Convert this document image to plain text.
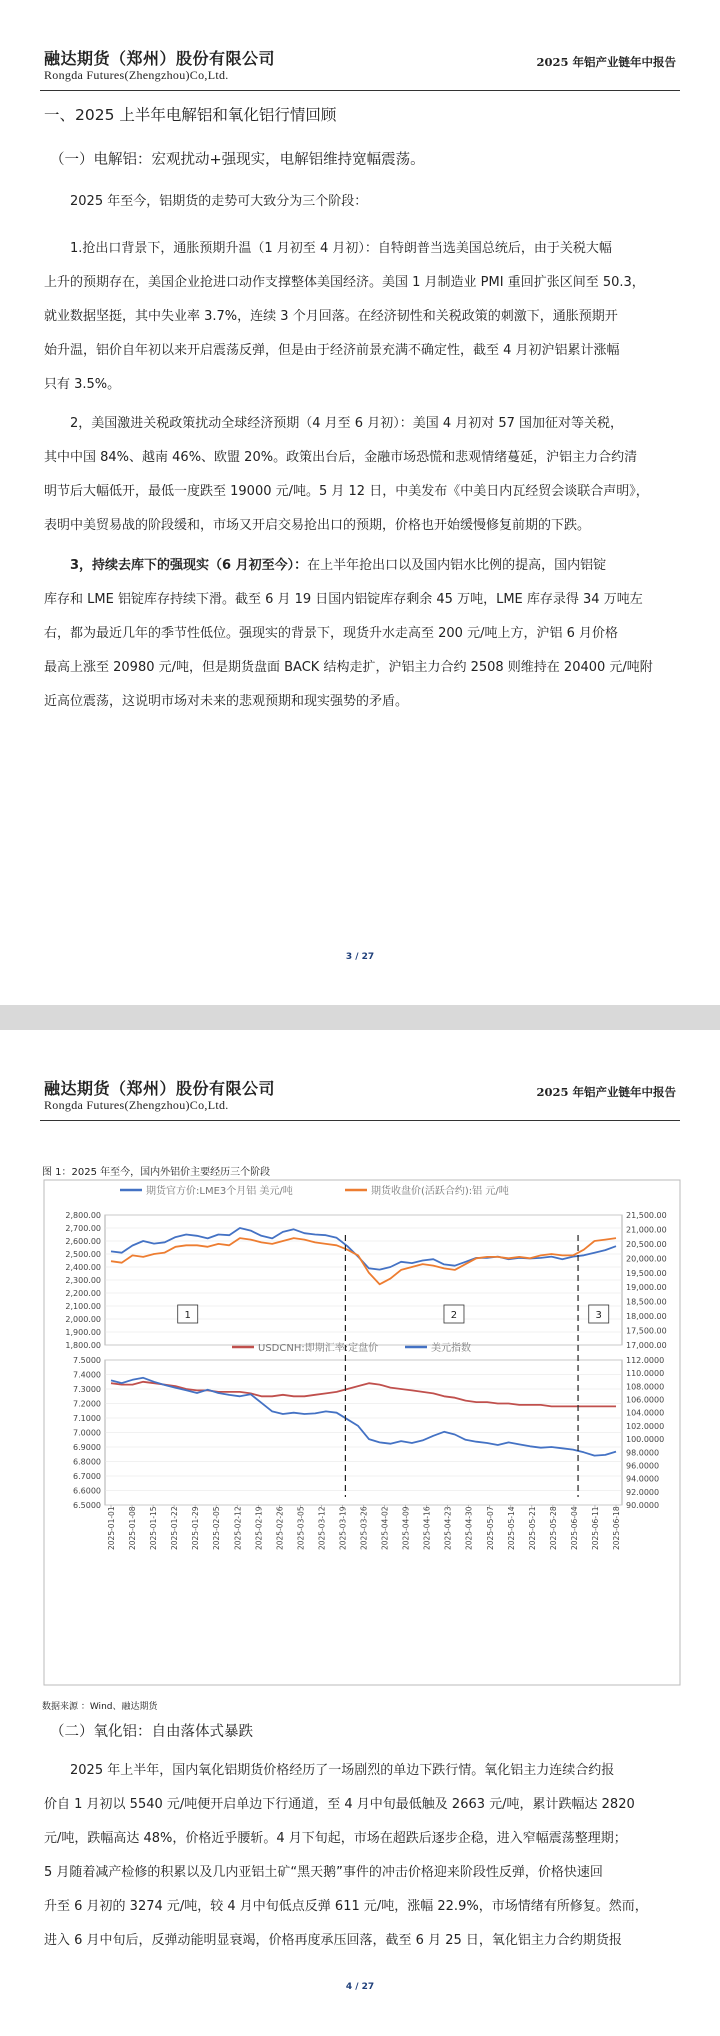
融达期货（郑州）股份有限公司
Rongda Futures(Zhengzhou)Co,Ltd.
2025 年铝产业链年中报告
一、2025 上半年电解铝和氧化铝行情回顾
（一）电解铝：宏观扰动+强现实，电解铝维持宽幅震荡。
2025 年至今，铝期货的走势可大致分为三个阶段：
1.抢出口背景下，通胀预期升温（1 月初至 4 月初）：自特朗普当选美国总统后，由于关税大幅
上升的预期存在，美国企业抢进口动作支撑整体美国经济。美国 1 月制造业 PMI 重回扩张区间至 50.3，
就业数据坚挺，其中失业率 3.7%，连续 3 个月回落。在经济韧性和关税政策的刺激下，通胀预期开
始升温，铝价自年初以来开启震荡反弹，但是由于经济前景充满不确定性，截至 4 月初沪铝累计涨幅
只有 3.5%。
2，美国激进关税政策扰动全球经济预期（4 月至 6 月初）：美国 4 月初对 57 国加征对等关税，
其中中国 84%、越南 46%、欧盟 20%。政策出台后，金融市场恐慌和悲观情绪蔓延，沪铝主力合约清
明节后大幅低开，最低一度跌至 19000 元/吨。5 月 12 日，中美发布《中美日内瓦经贸会谈联合声明》，
表明中美贸易战的阶段缓和，市场又开启交易抢出口的预期，价格也开始缓慢修复前期的下跌。
3，持续去库下的强现实（6 月初至今）：在上半年抢出口以及国内铝水比例的提高，国内铝锭
库存和 LME 铝锭库存持续下滑。截至 6 月 19 日国内铝锭库存剩余 45 万吨，LME 库存录得 34 万吨左
右，都为最近几年的季节性低位。强现实的背景下，现货升水走高至 200 元/吨上方，沪铝 6 月价格
最高上涨至 20980 元/吨，但是期货盘面 BACK 结构走扩，沪铝主力合约 2508 则维持在 20400 元/吨附
近高位震荡，这说明市场对未来的悲观预期和现实强势的矛盾。
3 / 27
融达期货（郑州）股份有限公司
Rongda Futures(Zhengzhou)Co,Ltd.
2025 年铝产业链年中报告
4 / 27
图 1：2025 年至今，国内外铝价主要经历三个阶段
2,800.00
2,700.00
2,600.00
2,500.00
2,400.00
2,300.00
2,200.00
2,100.00
2,000.00
1,900.00
1,800.00
21,500.00
21,000.00
20,500.00
20,000.00
19,500.00
19,000.00
18,500.00
18,000.00
17,500.00
17,000.00
7.5000
7.4000
7.3000
7.2000
7.1000
7.0000
6.9000
6.8000
6.7000
6.6000
6.5000
112.0000
110.0000
108.0000
106.0000
104.0000
102.0000
100.0000
98.0000
96.0000
94.0000
92.0000
90.0000
2025-01-01 2025-01-08 2025-01-15 2025-01-22 2025-01-29 2025-02-05 2025-02-12 2025-02-19 2025-02-26 2025-03-05 2025-03-12 2025-03-19 2025-03-26 2025-04-02 2025-04-09 2025-04-16 2025-04-23 2025-04-30 2025-05-07 2025-05-14 2025-05-21 2025-05-28 2025-06-04 2025-06-11 2025-06-18
1	2	3
期货官方价:LME3个月铝 美元/吨	期货收盘价(活跃合约):铝 元/吨
USDCNH:即期汇率:定盘价	美元指数
数据来源 ：Wind、融达期货
（二）氧化铝：自由落体式暴跌
2025 年上半年，国内氧化铝期货价格经历了一场剧烈的单边下跌行情。氧化铝主力连续合约报
价自 1 月初以 5540 元/吨便开启单边下行通道，至 4 月中旬最低触及 2663 元/吨，累计跌幅达 2820
元/吨，跌幅高达 48%，价格近乎腰斩。4 月下旬起，市场在超跌后逐步企稳，进入窄幅震荡整理期；
5 月随着减产检修的积累以及几内亚铝土矿“黑天鹅”事件的冲击价格迎来阶段性反弹，价格快速回
升至 6 月初的 3274 元/吨，较 4 月中旬低点反弹 611 元/吨，涨幅 22.9%，市场情绪有所修复。然而，
进入 6 月中旬后，反弹动能明显衰竭，价格再度承压回落，截至 6 月 25 日，氧化铝主力合约期货报
